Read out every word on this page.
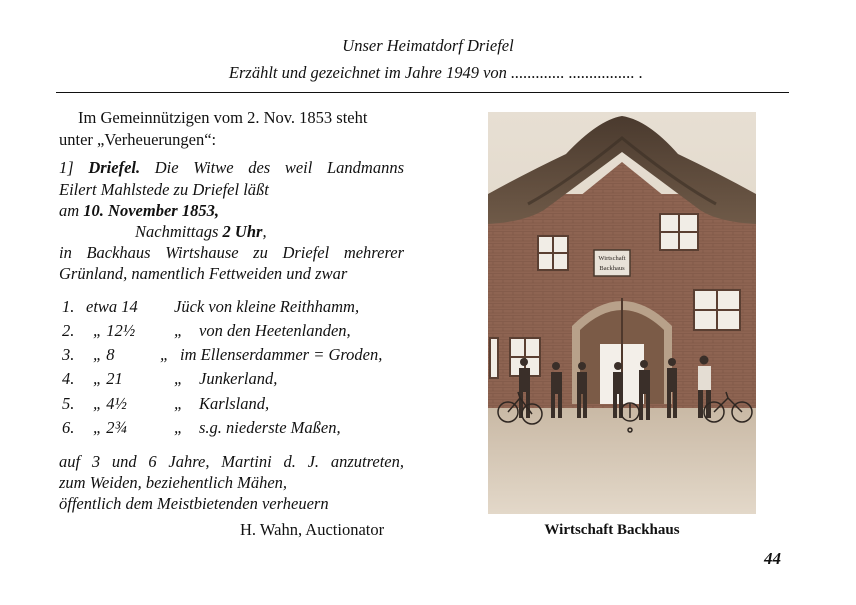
Unser Heimatdorf Driefel
Erzählt und gezeichnet im Jahre 1949 von ............. ................ .
Im Gemeinnützigen vom 2. Nov. 1853 steht
unter „Verheuerungen“:
1] Driefel. Die Witwe des weil Landmanns
Eilert Mahlstede zu Driefel läßt
am 10. November 1853,
Nachmittags 2 Uhr,
in Backhaus Wirtshause zu Driefel mehrerer
Grünland, namentlich Fettweiden und zwar
1. etwa 14 Jück von kleine Reithhamm,
2. „ 12½ „ von den Heetenlanden,
3. „ 8	„ im Ellenserdammer = Groden,
4. „ 21	„ Junkerland,
5. „ 4½	„ Karlsland,
6. „ 2¾	„ s.g. niederste Maßen,
auf 3 und 6 Jahre, Martini d. J. anzutreten,
zum Weiden, beziehentlich Mähen,
öffentlich dem Meistbietenden verheuern
H. Wahn, Auctionator
Wirtschaft
Backhaus
Wirtschaft Backhaus
44
